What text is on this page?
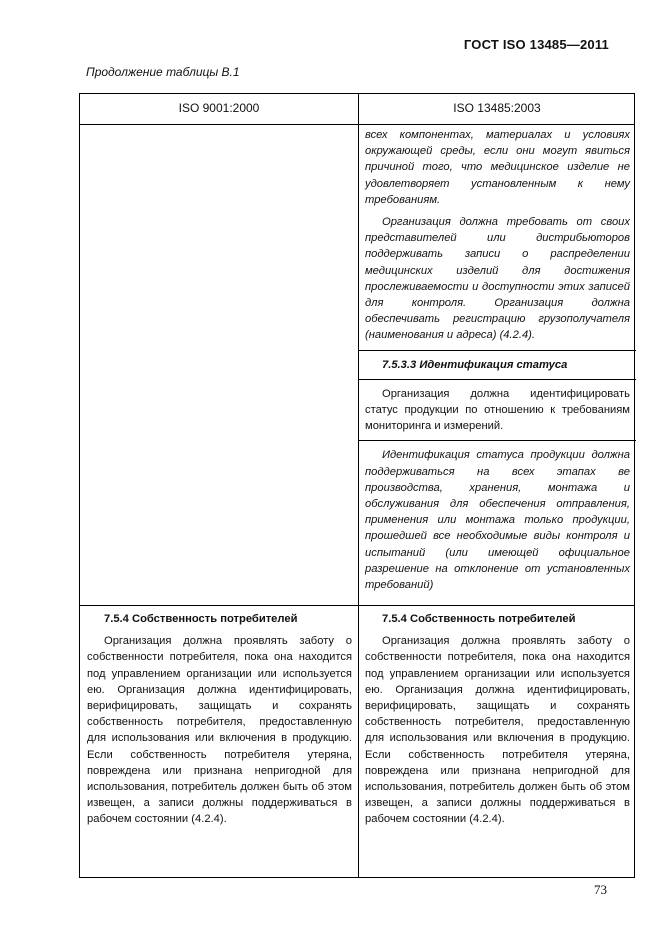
ГОСТ ISO 13485—2011
Продолжение таблицы В.1
ISO 9001:2000	ISO 13485:2003

всех компонентах, материалах и условиях окружающей среды, если они могут явиться причиной того, что медицинское изделие не удовлетворяет установленным к нему требованиям.

Организация должна требовать от своих представителей или дистрибьюторов поддерживать записи о распределении медицинских изделий для достижения прослеживаемости и доступности этих записей для контроля. Организация должна обеспечивать регистрацию грузополучателя (наименования и адреса) (4.2.4).

7.5.3.3 Идентификация статуса

Организация должна идентифицировать статус продукции по отношению к требованиям мониторинга и измерений.

Идентификация статуса продукции должна поддерживаться на всех этапах ве производства, хранения, монтажа и обслуживания для обеспечения отправления, применения или монтажа только продукции, прошедшей все необходимые виды контроля и испытаний (или имеющей официальное разрешение на отклонение от установленных требований)

7.5.4 Собственность потребителей

Организация должна проявлять заботу о собственности потребителя, пока она находится под управлением организации или используется ею. Организация должна идентифицировать, верифицировать, защищать и сохранять собственность потребителя, предоставленную для использования или включения в продукцию. Если собственность потребителя утеряна, повреждена или признана непригодной для использования, потребитель должен быть об этом извещен, а записи должны поддерживаться в рабочем состоянии (4.2.4).

7.5.4 Собственность потребителей

Организация должна проявлять заботу о собственности потребителя, пока она находится под управлением организации или используется ею. Организация должна идентифицировать, верифицировать, защищать и сохранять собственность потребителя, предоставленную для использования или включения в продукцию. Если собственность потребителя утеряна, повреждена или признана непригодной для использования, потребитель должен быть об этом извещен, а записи должны поддерживаться в рабочем состоянии (4.2.4).

73
